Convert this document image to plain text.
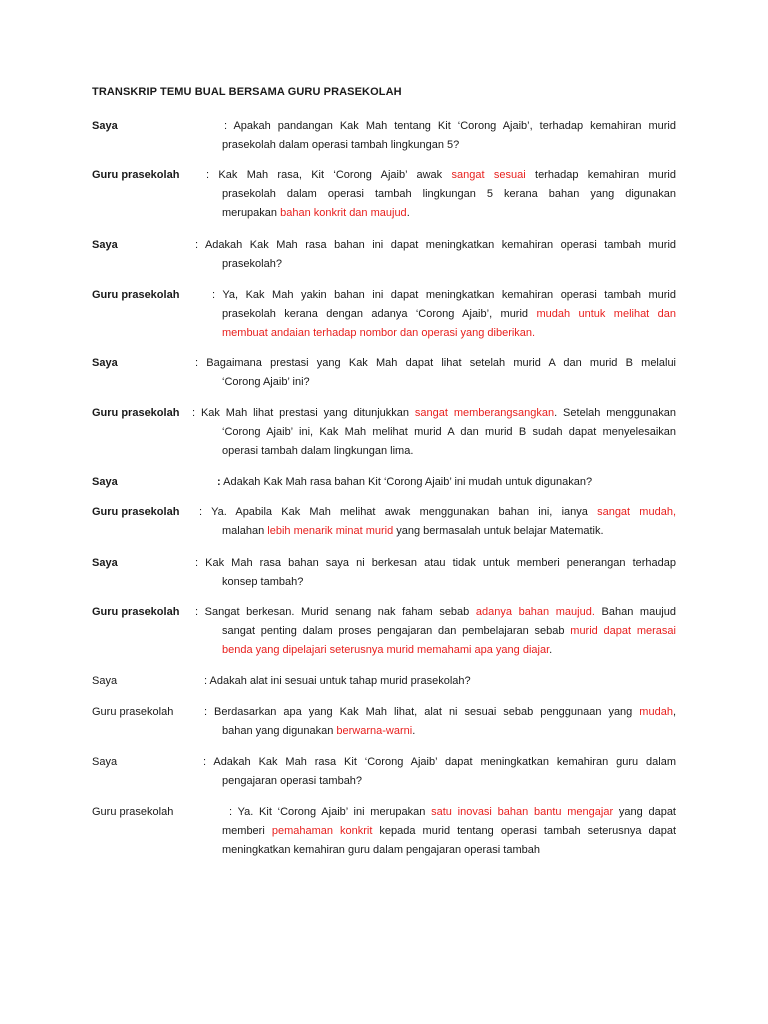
TRANSKRIP TEMU BUAL BERSAMA GURU PRASEKOLAH
Saya	: Apakah pandangan Kak Mah tentang Kit ‘Corong Ajaib’, terhadap kemahiran murid
prasekolah dalam operasi tambah lingkungan 5?
Guru prasekolah : Kak Mah rasa, Kit ‘Corong Ajaib’ awak sangat sesuai terhadap kemahiran murid
prasekolah dalam operasi tambah lingkungan 5 kerana bahan yang digunakan
merupakan bahan konkrit dan maujud.
Saya	: Adakah Kak Mah rasa bahan ini dapat meningkatkan kemahiran operasi tambah murid
prasekolah?
Guru prasekolah	: Ya, Kak Mah yakin bahan ini dapat meningkatkan kemahiran operasi tambah murid
prasekolah kerana dengan adanya ‘Corong Ajaib’, murid mudah untuk melihat dan
membuat andaian terhadap nombor dan operasi yang diberikan.
Saya	: Bagaimana prestasi yang Kak Mah dapat lihat setelah murid A dan murid B melalui
‘Corong Ajaib’ ini?
Guru prasekolah : Kak Mah lihat prestasi yang ditunjukkan sangat memberangsangkan. Setelah menggunakan
‘Corong Ajaib’ ini, Kak Mah melihat murid A dan murid B sudah dapat menyelesaikan
operasi tambah dalam lingkungan lima.
Saya	: Adakah Kak Mah rasa bahan Kit ‘Corong Ajaib’ ini mudah untuk digunakan?
Guru prasekolah : Ya. Apabila Kak Mah melihat awak menggunakan bahan ini, ianya sangat mudah,
malahan lebih menarik minat murid yang bermasalah untuk belajar Matematik.
Saya	: Kak Mah rasa bahan saya ni berkesan atau tidak untuk memberi penerangan terhadap
konsep tambah?
Guru prasekolah : Sangat berkesan. Murid senang nak faham sebab adanya bahan maujud. Bahan maujud
sangat penting dalam proses pengajaran dan pembelajaran sebab murid dapat merasai
benda yang dipelajari seterusnya murid memahami apa yang diajar.
Saya	: Adakah alat ini sesuai untuk tahap murid prasekolah?
Guru prasekolah	: Berdasarkan apa yang Kak Mah lihat, alat ni sesuai sebab penggunaan yang mudah,
bahan yang digunakan berwarna-warni.
Saya	: Adakah Kak Mah rasa Kit ‘Corong Ajaib’ dapat meningkatkan kemahiran guru dalam
pengajaran operasi tambah?
Guru prasekolah	: Ya. Kit ‘Corong Ajaib’ ini merupakan satu inovasi bahan bantu mengajar yang dapat
memberi pemahaman konkrit kepada murid tentang operasi tambah seterusnya dapat
meningkatkan kemahiran guru dalam pengajaran operasi tambah
